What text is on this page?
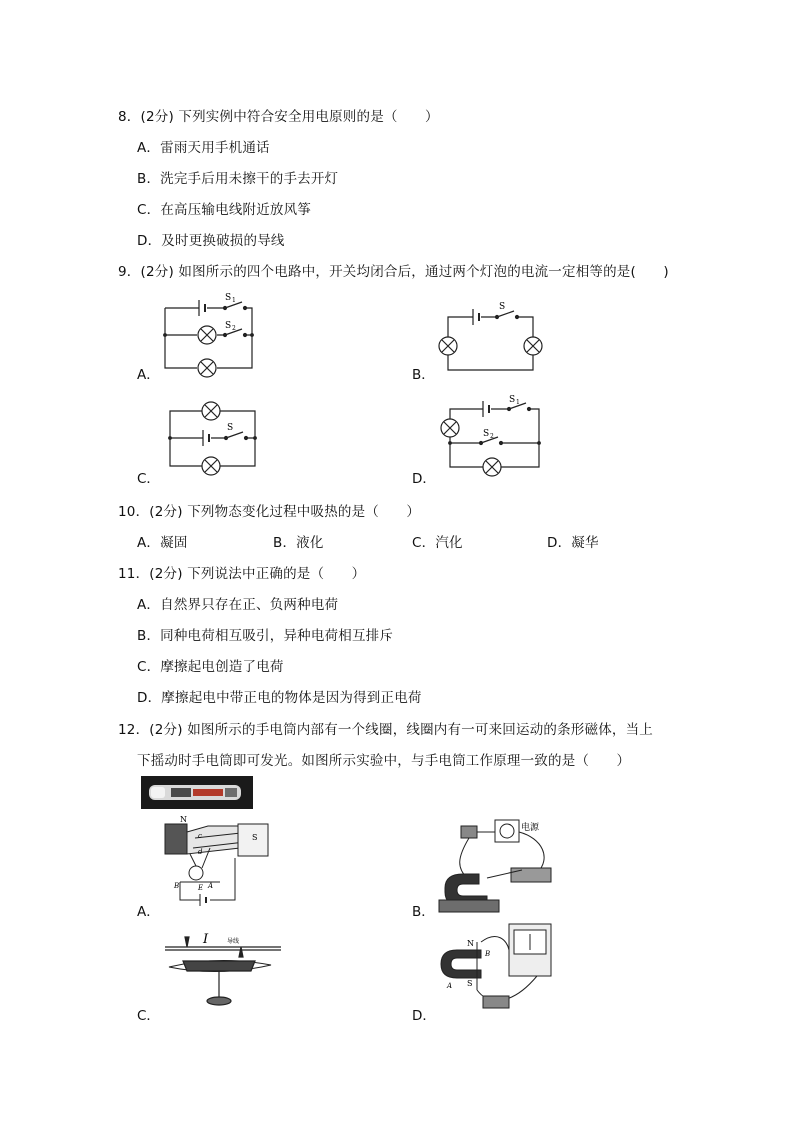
8．(2分) 下列实例中符合安全用电原则的是（　　）
A．雷雨天用手机通话
B．洗完手后用未擦干的手去开灯
C．在高压输电线附近放风筝
D．及时更换破损的导线
9．(2分) 如图所示的四个电路中，开关均闭合后，通过两个灯泡的电流一定相等的是(　　)
S 1
S 2
A．
S
B．
S
C．
S 1
S 2
D．
10．(2分) 下列物态变化过程中吸热的是（　　）
A．凝固	B．液化	C．汽化	D．凝华
11．(2分) 下列说法中正确的是（　　）
A．自然界只存在正、负两种电荷
B．同种电荷相互吸引，异种电荷相互排斥
C．摩擦起电创造了电荷
D．摩擦起电中带正电的物体是因为得到正电荷
12．(2分) 如图所示的手电筒内部有一个线圈，线圈内有一可来回运动的条形磁体，当上
下摇动时手电筒即可发光。如图所示实验中，与手电筒工作原理一致的是（　　）
N
S
c
d
B	E A
A．
电源
B．
I	导线
C．
N
S
B
A
D．
